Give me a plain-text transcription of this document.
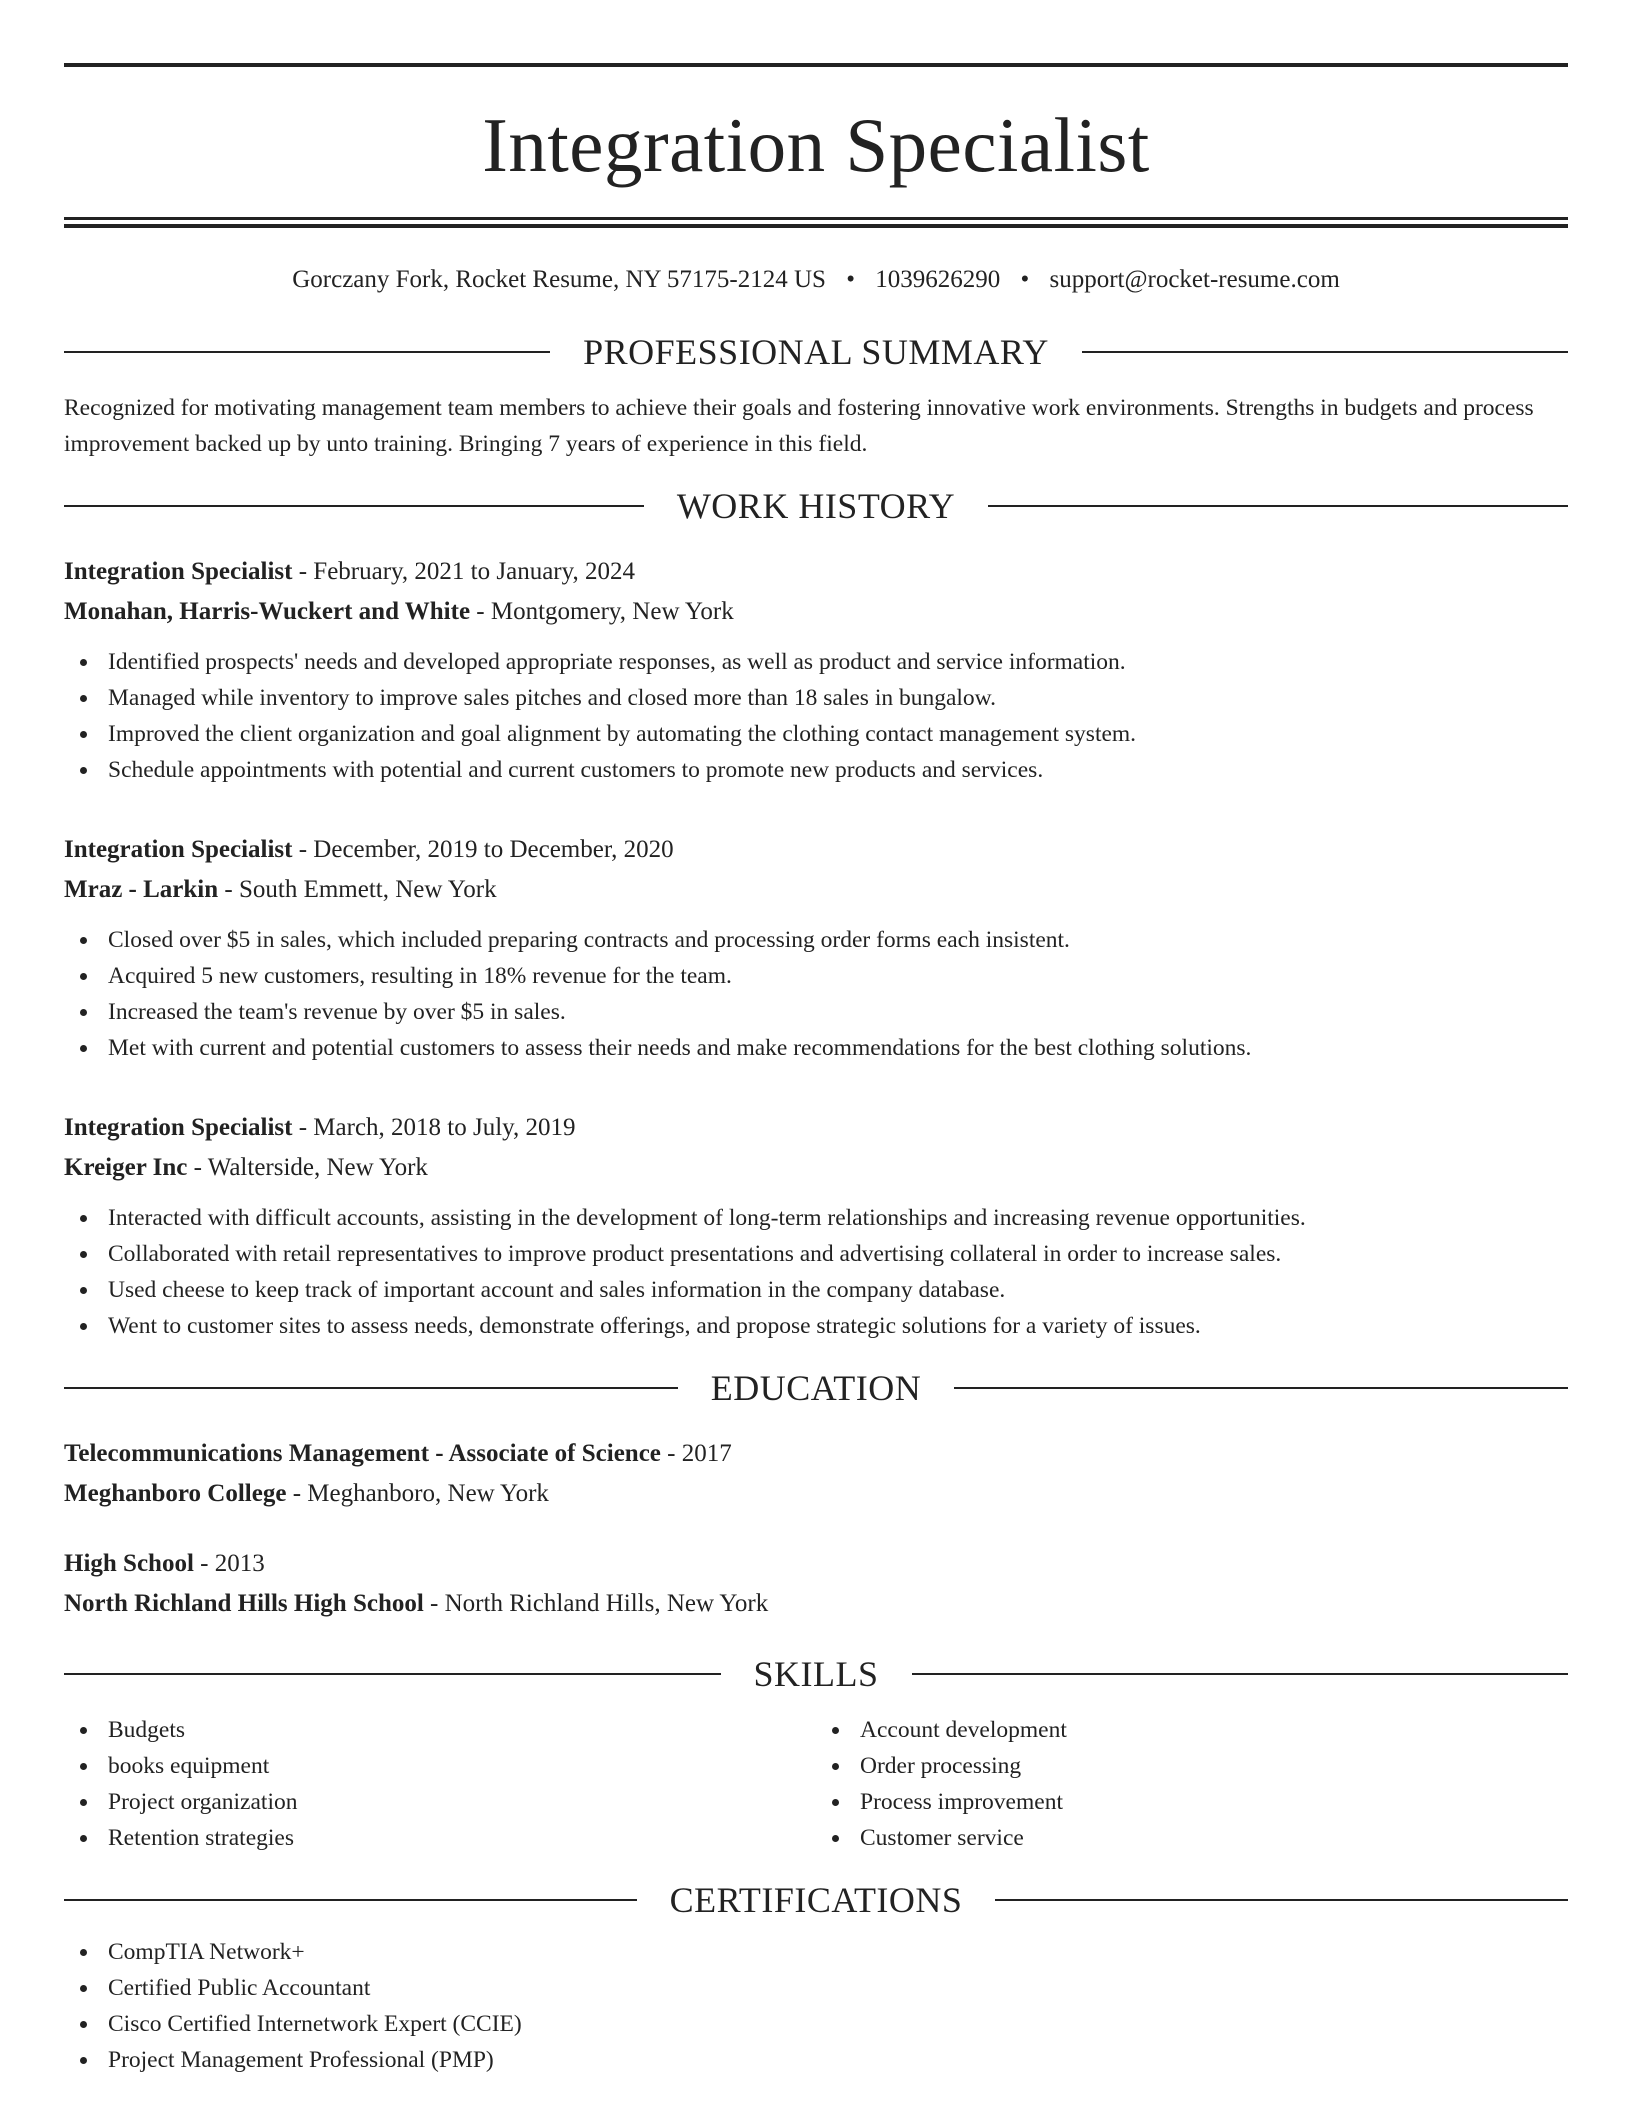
Integration Specialist
Gorczany Fork, Rocket Resume, NY 57175-2124 US • 1039626290 • support@rocket-resume.com
PROFESSIONAL SUMMARY

Recognized for motivating management team members to achieve their goals and fostering innovative work environments. Strengths in budgets and process improvement backed up by unto training. Bringing 7 years of experience in this field.

WORK HISTORY
Integration Specialist - February, 2021 to January, 2024
Monahan, Harris-Wuckert and White - Montgomery, New York
Identified prospects' needs and developed appropriate responses, as well as product and service information.
Managed while inventory to improve sales pitches and closed more than 18 sales in bungalow.
Improved the client organization and goal alignment by automating the clothing contact management system.
Schedule appointments with potential and current customers to promote new products and services.
Integration Specialist - December, 2019 to December, 2020
Mraz - Larkin - South Emmett, New York
Closed over $5 in sales, which included preparing contracts and processing order forms each insistent.
Acquired 5 new customers, resulting in 18% revenue for the team.
Increased the team's revenue by over $5 in sales.
Met with current and potential customers to assess their needs and make recommendations for the best clothing solutions.
Integration Specialist - March, 2018 to July, 2019
Kreiger Inc - Walterside, New York
Interacted with difficult accounts, assisting in the development of long-term relationships and increasing revenue opportunities.
Collaborated with retail representatives to improve product presentations and advertising collateral in order to increase sales.
Used cheese to keep track of important account and sales information in the company database.
Went to customer sites to assess needs, demonstrate offerings, and propose strategic solutions for a variety of issues.
EDUCATION
Telecommunications Management - Associate of Science - 2017
Meghanboro College - Meghanboro, New York
High School - 2013
North Richland Hills High School - North Richland Hills, New York
SKILLS
Budgets
books equipment
Project organization
Retention strategies
Account development
Order processing
Process improvement
Customer service
CERTIFICATIONS
CompTIA Network+
Certified Public Accountant
Cisco Certified Internetwork Expert (CCIE)
Project Management Professional (PMP)
